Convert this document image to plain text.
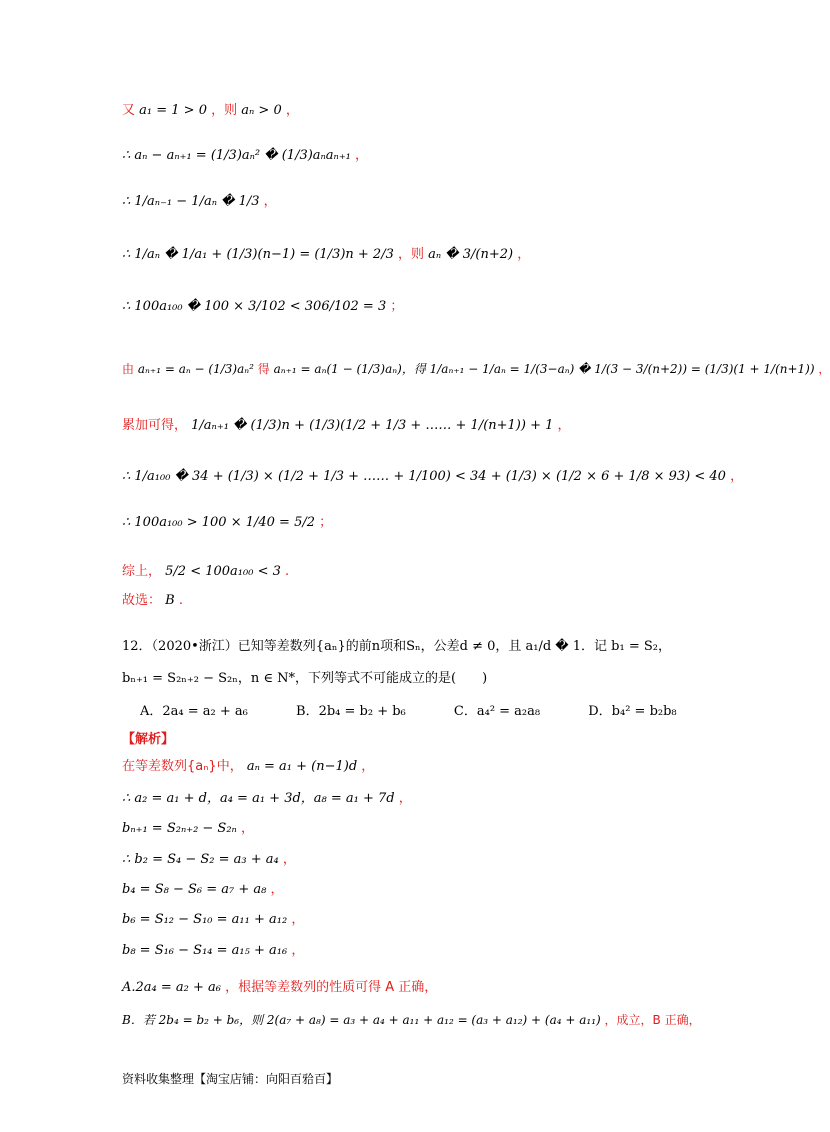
又 a₁ = 1 > 0 ，则 aₙ > 0 ，
∴ aₙ − aₙ₊₁ = (1/3)aₙ² � (1/3)aₙaₙ₊₁ ，
∴ 1/aₙ₋₁ − 1/aₙ � 1/3 ，
∴ 1/aₙ � 1/a₁ + (1/3)(n−1) = (1/3)n + 2/3 ，则 aₙ � 3/(n+2) ，
∴ 100a₁₀₀ � 100 × 3/102 < 306/102 = 3 ；
由 aₙ₊₁ = aₙ − (1/3)aₙ² 得 aₙ₊₁ = aₙ(1 − (1/3)aₙ)，得 1/aₙ₊₁ − 1/aₙ = 1/(3−aₙ) � 1/(3 − 3/(n+2)) = (1/3)(1 + 1/(n+1)) ，
累加可得， 1/aₙ₊₁ � (1/3)n + (1/3)(1/2 + 1/3 + …… + 1/(n+1)) + 1 ，
∴ 1/a₁₀₀ � 34 + (1/3) × (1/2 + 1/3 + …… + 1/100) < 34 + (1/3) × (1/2 × 6 + 1/8 × 93) < 40 ，
∴ 100a₁₀₀ > 100 × 1/40 = 5/2 ；
综上， 5/2 < 100a₁₀₀ < 3 .
故选： B .
12．（2020•浙江）已知等差数列{aₙ}的前n项和Sₙ，公差d ≠ 0，且 a₁/d � 1．记 b₁ = S₂，
bₙ₊₁ = S₂ₙ₊₂ − S₂ₙ，n ∈ N*，下列等式不可能成立的是(　　)
A．2a₄ = a₂ + a₆	B．2b₄ = b₂ + b₆	C．a₄² = a₂a₈	D．b₄² = b₂b₈
【解析】
在等差数列{aₙ}中， aₙ = a₁ + (n−1)d ，
∴ a₂ = a₁ + d，a₄ = a₁ + 3d，a₈ = a₁ + 7d ，
bₙ₊₁ = S₂ₙ₊₂ − S₂ₙ ，
∴ b₂ = S₄ − S₂ = a₃ + a₄ ，
b₄ = S₈ − S₆ = a₇ + a₈ ，
b₆ = S₁₂ − S₁₀ = a₁₁ + a₁₂ ，
b₈ = S₁₆ − S₁₄ = a₁₅ + a₁₆ ，
A.2a₄ = a₂ + a₆ ，根据等差数列的性质可得 A 正确，
B．若 2b₄ = b₂ + b₆，则 2(a₇ + a₈) = a₃ + a₄ + a₁₁ + a₁₂ = (a₃ + a₁₂) + (a₄ + a₁₁) ，成立，B 正确，
资料收集整理【淘宝店铺：向阳百𬌗百】
